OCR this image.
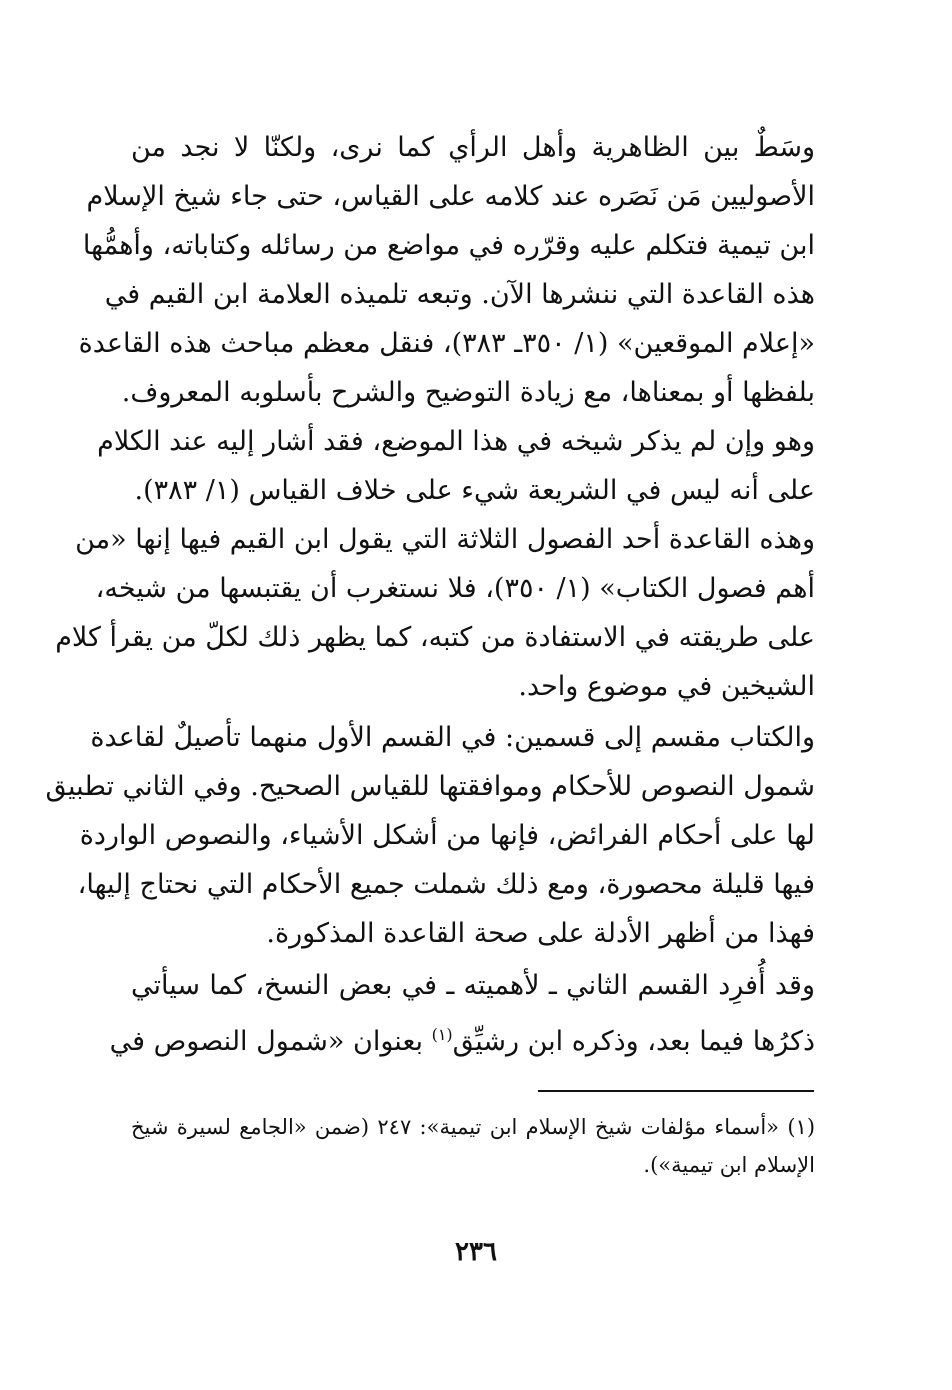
وسَطٌ بين الظاهرية وأهل الرأي كما نرى، ولكنّا لا نجد من
الأصوليين مَن نَصَره عند كلامه على القياس، حتى جاء شيخ الإسلام
ابن تيمية فتكلم عليه وقرّره في مواضع من رسائله وكتاباته، وأهمُّها
هذه القاعدة التي ننشرها الآن. وتبعه تلميذه العلامة ابن القيم في
«إعلام الموقعين» (١/ ٣٥٠ـ ٣٨٣)، فنقل معظم مباحث هذه القاعدة
بلفظها أو بمعناها، مع زيادة التوضيح والشرح بأسلوبه المعروف.
وهو وإن لم يذكر شيخه في هذا الموضع، فقد أشار إليه عند الكلام
على أنه ليس في الشريعة شيء على خلاف القياس (١/ ٣٨٣).
وهذه القاعدة أحد الفصول الثلاثة التي يقول ابن القيم فيها إنها «من
أهم فصول الكتاب» (١/ ٣٥٠)، فلا نستغرب أن يقتبسها من شيخه،
على طريقته في الاستفادة من كتبه، كما يظهر ذلك لكلّ من يقرأ كلام
الشيخين في موضوع واحد.
والكتاب مقسم إلى قسمين: في القسم الأول منهما تأصيلٌ لقاعدة
شمول النصوص للأحكام وموافقتها للقياس الصحيح. وفي الثاني تطبيق
لها على أحكام الفرائض، فإنها من أشكل الأشياء، والنصوص الواردة
فيها قليلة محصورة، ومع ذلك شملت جميع الأحكام التي نحتاج إليها،
فهذا من أظهر الأدلة على صحة القاعدة المذكورة.
وقد أُفرِد القسم الثاني ـ لأهميته ـ في بعض النسخ، كما سيأتي
ذكرُها فيما بعد، وذكره ابن رشيِّق$^{(١)}$ بعنوان «شمول النصوص في
(١) «أسماء مؤلفات شيخ الإسلام ابن تيمية»: ٢٤٧ (ضمن «الجامع لسيرة شيخ
الإسلام ابن تيمية»).
٢٣٦
